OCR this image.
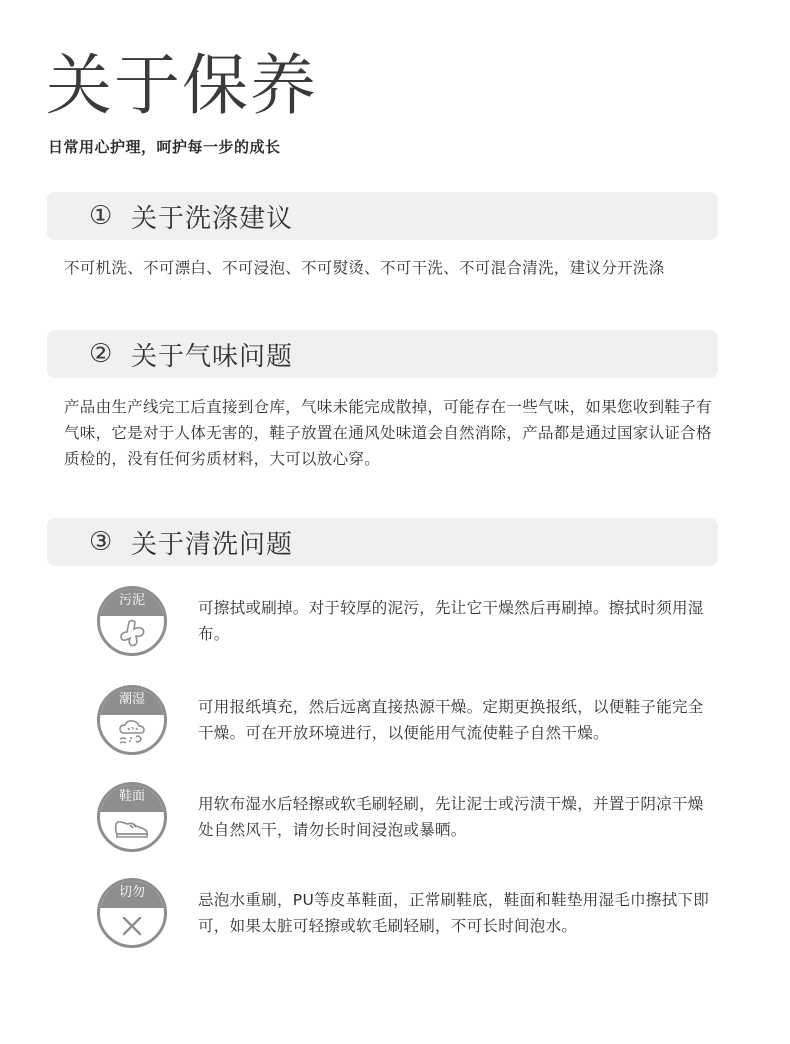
关于保养
日常用心护理，呵护每一步的成长
① 关于洗涤建议
不可机洗、不可漂白、不可浸泡、不可熨烫、不可干洗、不可混合清洗，建议分开洗涤
② 关于气味问题
产品由生产线完工后直接到仓库，气味未能完成散掉，可能存在一些气味，如果您收到鞋子有气味，它是对于人体无害的，鞋子放置在通风处味道会自然消除，产品都是通过国家认证合格质检的，没有任何劣质材料，大可以放心穿。
③ 关于清洗问题
污泥	可擦拭或刷掉。对于较厚的泥污，先让它干燥然后再刷掉。擦拭时须用湿布。
潮湿	可用报纸填充，然后远离直接热源干燥。定期更换报纸，以便鞋子能完全干燥。可在开放环境进行，以便能用气流使鞋子自然干燥。
鞋面	用软布湿水后轻擦或软毛刷轻刷，先让泥士或污渍干燥，并置于阴凉干燥处自然风干，请勿长时间浸泡或暴晒。
切勿	忌泡水重刷，PU等皮革鞋面，正常刷鞋底，鞋面和鞋垫用湿毛巾擦拭下即可，如果太脏可轻擦或软毛刷轻刷，不可长时间泡水。
